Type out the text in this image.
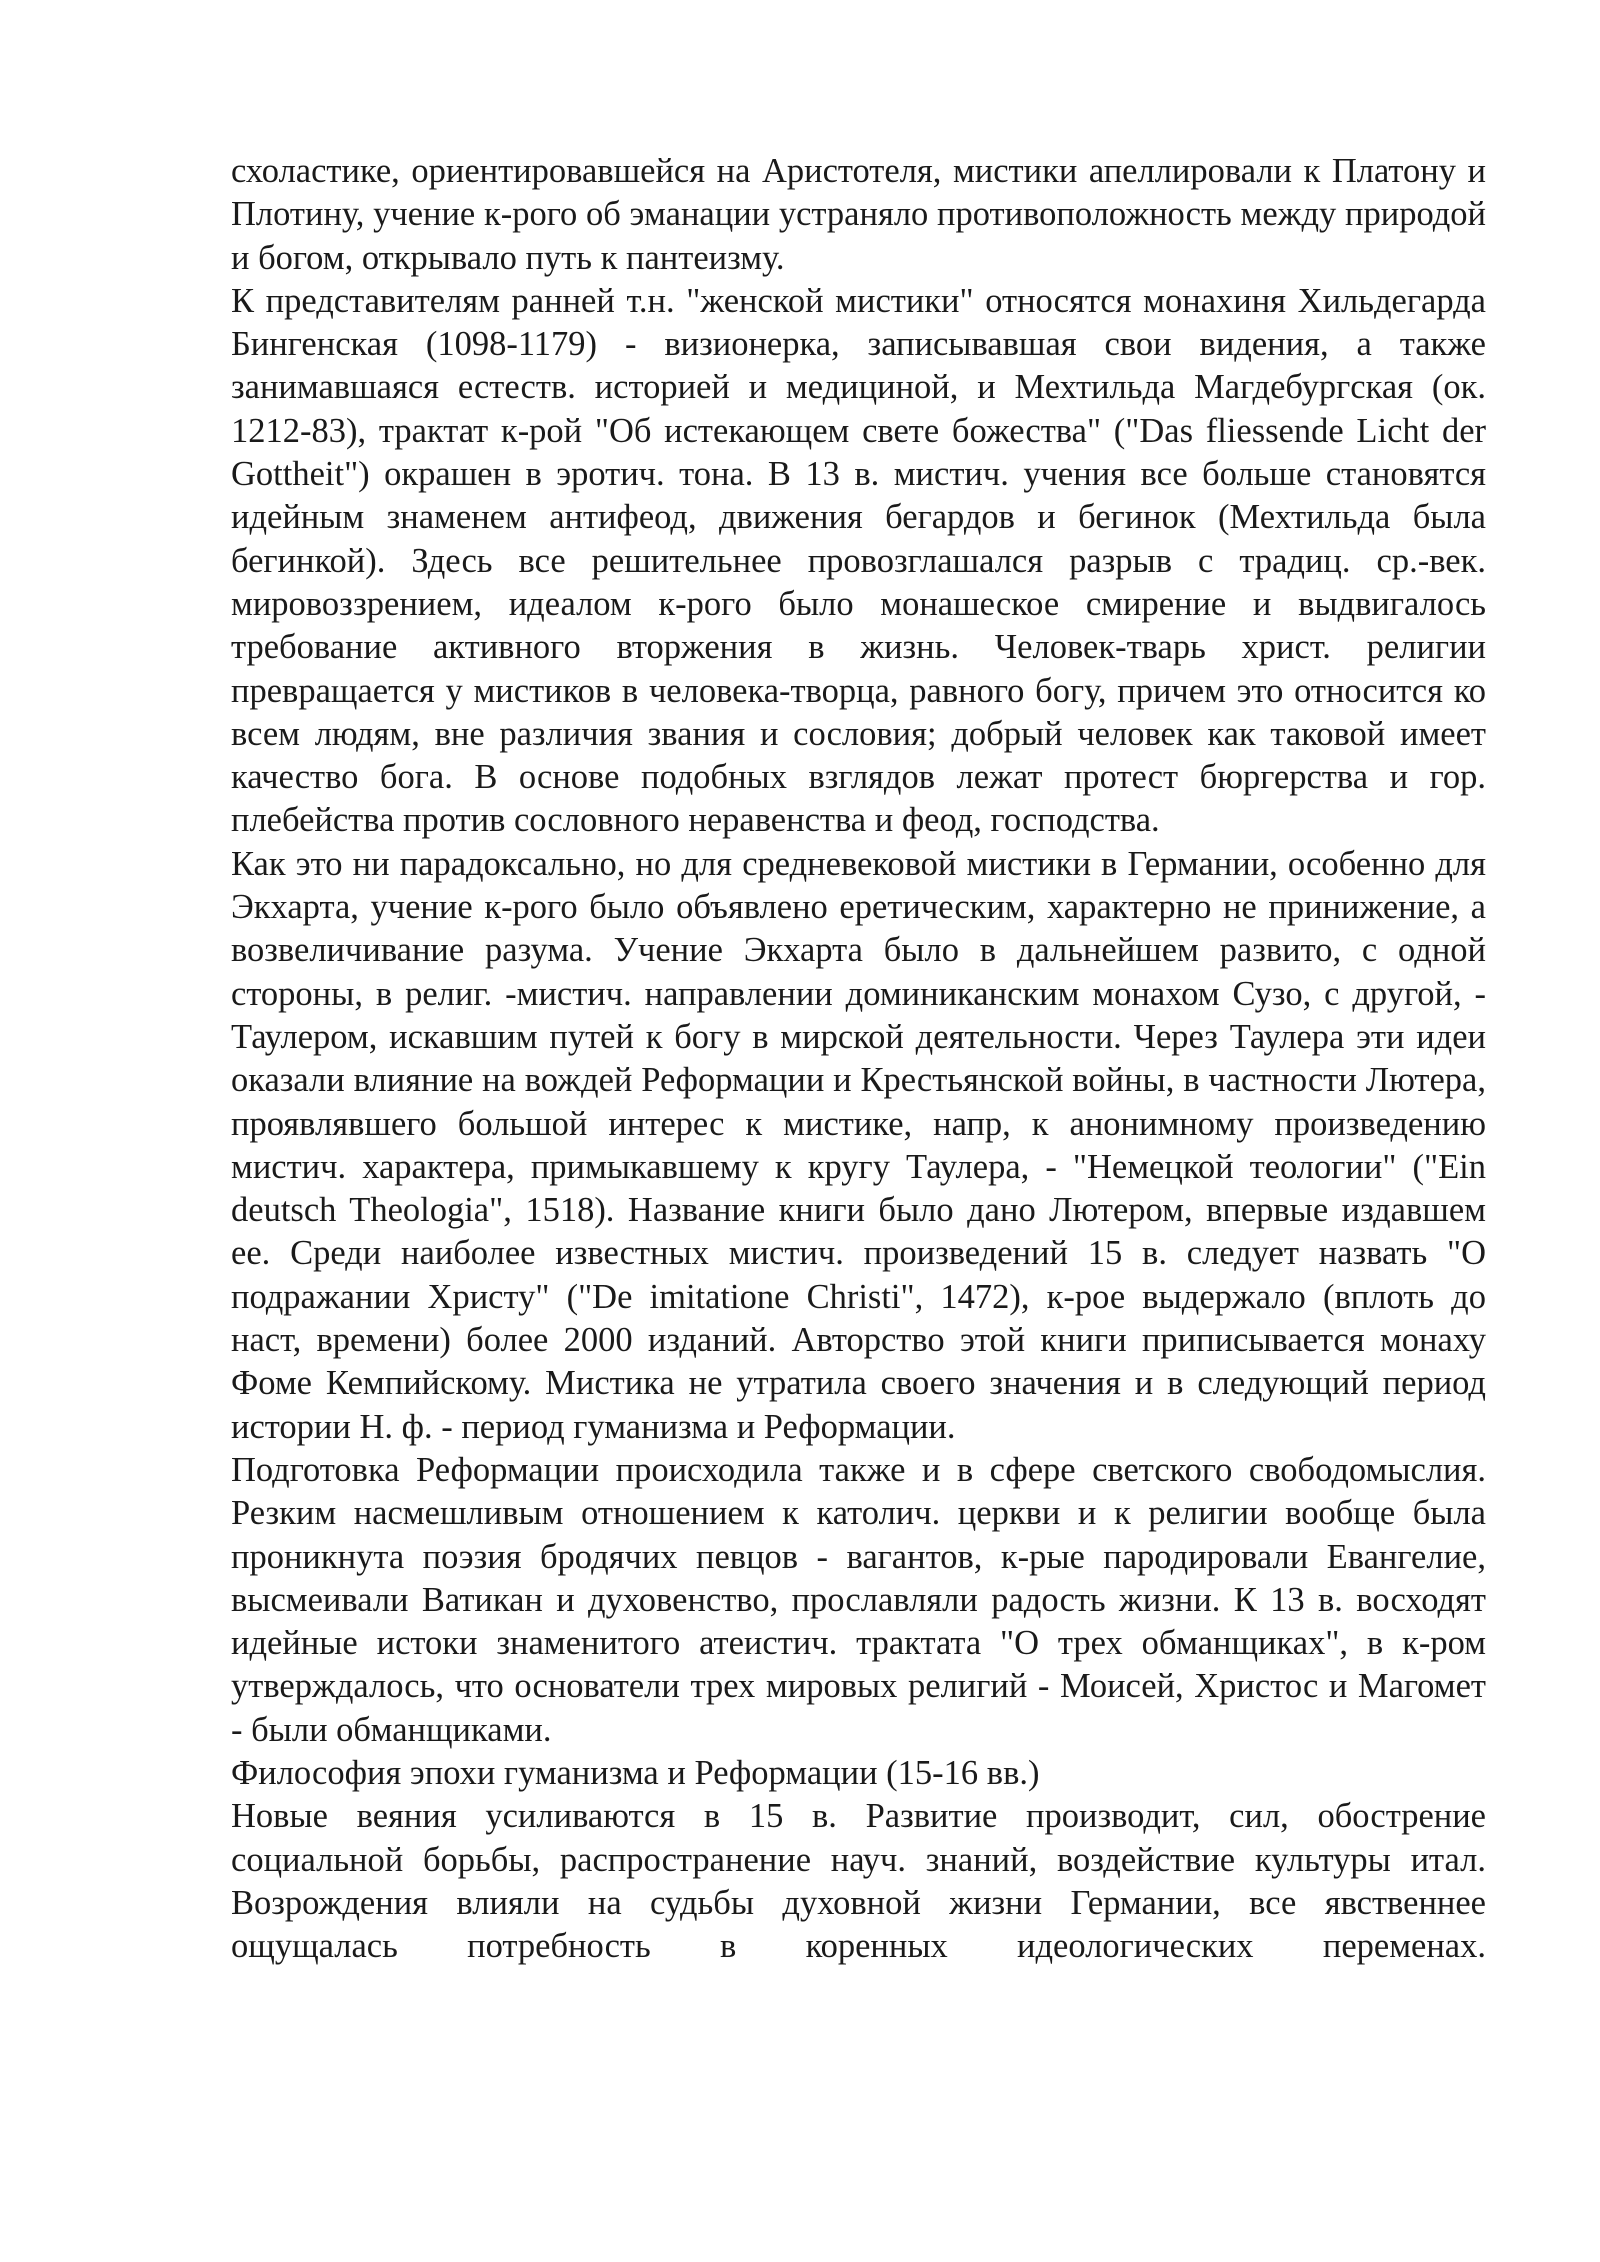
схоластике, ориентировавшейся на Аристотеля, мистики апеллировали к Платону и Плотину, учение к-рого об эманации устраняло противоположность между природой и богом, открывало путь к пантеизму.

К представителям ранней т.н. "женской мистики" относятся монахиня Хильдегарда Бингенская (1098-1179) - визионерка, записывавшая свои видения, а также занимавшаяся естеств. историей и медициной, и Мехтильда Магдебургская (ок. 1212-83), трактат к-рой "Об истекающем свете божества" ("Das fliessende Licht der Gottheit") окрашен в эротич. тона. В 13 в. мистич. учения все больше становятся идейным знаменем антифеод, движения бегардов и бегинок (Мехтильда была бегинкой). Здесь все решительнее провозглашался разрыв с традиц. ср.-век. мировоззрением, идеалом к-рого было монашеское смирение и выдвигалось требование активного вторжения в жизнь. Человек-тварь христ. религии превращается у мистиков в человека-творца, равного богу, причем это относится ко всем людям, вне различия звания и сословия; добрый человек как таковой имеет качество бога. В основе подобных взглядов лежат протест бюргерства и гор. плебейства против сословного неравенства и феод, господства.

Как это ни парадоксально, но для средневековой мистики в Германии, особенно для Экхарта, учение к-рого было объявлено еретическим, характерно не принижение, а возвеличивание разума. Учение Экхарта было в дальнейшем развито, с одной стороны, в религ. -мистич. направлении доминиканским монахом Сузо, с другой, - Таулером, искавшим путей к богу в мирской деятельности. Через Таулера эти идеи оказали влияние на вождей Реформации и Крестьянской войны, в частности Лютера, проявлявшего большой интерес к мистике, напр, к анонимному произведению мистич. характера, примыкавшему к кругу Таулера, - "Немецкой теологии" ("Ein deutsch Theologia", 1518). Название книги было дано Лютером, впервые издавшем ее. Среди наиболее известных мистич. произведений 15 в. следует назвать "О подражании Христу" ("De imitatione Christi", 1472), к-рое выдержало (вплоть до наст, времени) более 2000 изданий. Авторство этой книги приписывается монаху Фоме Кемпийскому. Мистика не утратила своего значения и в следующий период истории Н. ф. - период гуманизма и Реформации.

Подготовка Реформации происходила также и в сфере светского свободомыслия. Резким насмешливым отношением к католич. церкви и к религии вообще была проникнута поэзия бродячих певцов - вагантов, к-рые пародировали Евангелие, высмеивали Ватикан и духовенство, прославляли радость жизни. К 13 в. восходят идейные истоки знаменитого атеистич. трактата "О трех обманщиках", в к-ром утверждалось, что основатели трех мировых религий - Моисей, Христос и Магомет - были обманщиками.

Философия эпохи гуманизма и Реформации (15-16 вв.)

Новые веяния усиливаются в 15 в. Развитие производит, сил, обострение социальной борьбы, распространение науч. знаний, воздействие культуры итал. Возрождения влияли на судьбы духовной жизни Германии, все явственнее ощущалась потребность в коренных идеологических переменах.
